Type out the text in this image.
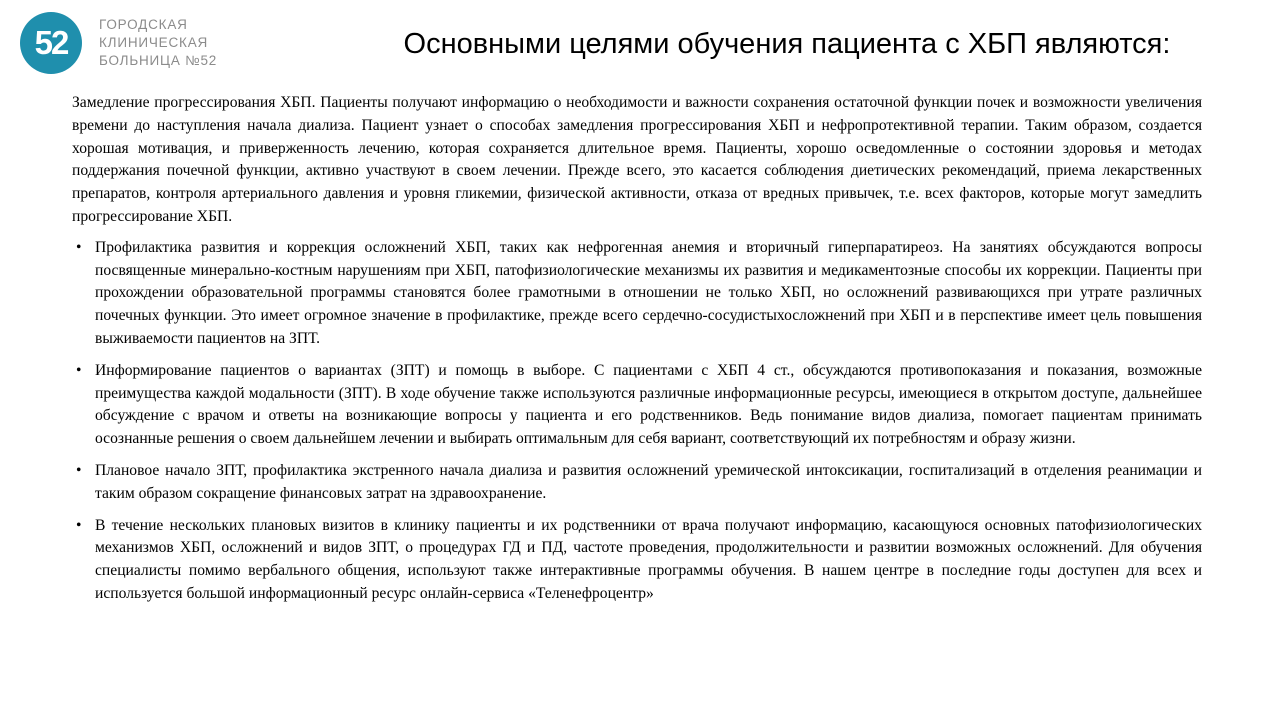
52 ГОРОДСКАЯ
КЛИНИЧЕСКАЯ
БОЛЬНИЦА №52
Основными целями обучения пациента с ХБП являются:

Замедление прогрессирования ХБП. Пациенты получают информацию о необходимости и важности сохранения остаточной функции почек и возможности увеличения времени до наступления начала диализа. Пациент узнает о способах замедления прогрессирования ХБП и нефропротективной терапии. Таким образом, создается хорошая мотивация, и приверженность лечению, которая сохраняется длительное время. Пациенты, хорошо осведомленные о состоянии здоровья и методах поддержания почечной функции, активно участвуют в своем лечении. Прежде всего, это касается соблюдения диетических рекомендаций, приема лекарственных препаратов, контроля артериального давления и уровня гликемии, физической активности, отказа от вредных привычек, т.е. всех факторов, которые могут замедлить прогрессирование ХБП.

• Профилактика развития и коррекция осложнений ХБП, таких как нефрогенная анемия и вторичный гиперпаратиреоз. На занятиях обсуждаются вопросы посвященные минерально-костным нарушениям при ХБП, патофизиологические механизмы их развития и медикаментозные способы их коррекции. Пациенты при прохождении образовательной программы становятся более грамотными в отношении не только ХБП, но осложнений развивающихся при утрате различных почечных функции. Это имеет огромное значение в профилактике, прежде всего сердечно-сосудистыхосложнений при ХБП и в перспективе имеет цель повышения выживаемости пациентов на ЗПТ.
• Информирование пациентов о вариантах (ЗПТ) и помощь в выборе. С пациентами с ХБП 4 ст., обсуждаются противопоказания и показания, возможные преимущества каждой модальности (ЗПТ). В ходе обучение также используются различные информационные ресурсы, имеющиеся в открытом доступе, дальнейшее обсуждение с врачом и ответы на возникающие вопросы у пациента и его родственников. Ведь понимание видов диализа, помогает пациентам принимать осознанные решения о своем дальнейшем лечении и выбирать оптимальным для себя вариант, соответствующий их потребностям и образу жизни.
• Плановое начало ЗПТ, профилактика экстренного начала диализа и развития осложнений уремической интоксикации, госпитализаций в отделения реанимации и таким образом сокращение финансовых затрат на здравоохранение.
• В течение нескольких плановых визитов в клинику пациенты и их родственники от врача получают информацию, касающуюся основных патофизиологических механизмов ХБП, осложнений и видов ЗПТ, о процедурах ГД и ПД, частоте проведения, продолжительности и развитии возможных осложнений. Для обучения специалисты помимо вербального общения, используют также интерактивные программы обучения. В нашем центре в последние годы доступен для всех и используется большой информационный ресурс онлайн-сервиса «Теленефроцентр»
